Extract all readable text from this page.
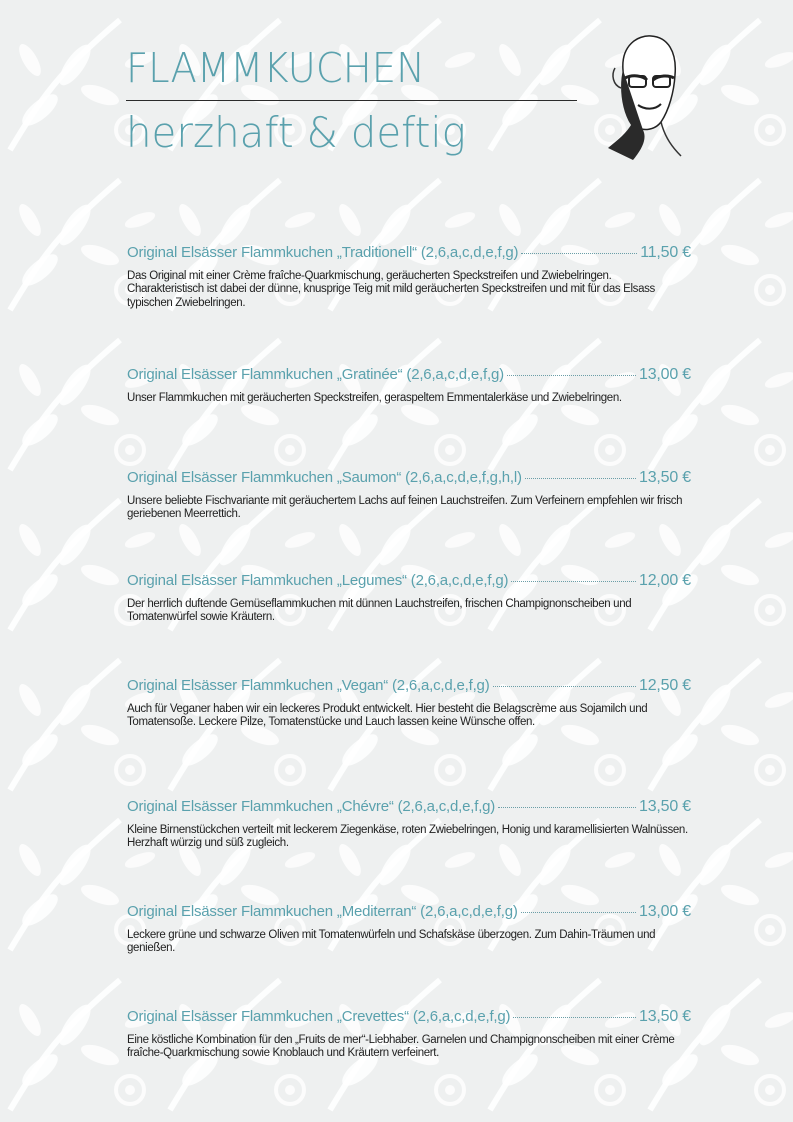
FLAMMKUCHEN
herzhaft & deftig
Original Elsässer Flammkuchen „Traditionell“ (2,6,a,c,d,e,f,g)	11,50 €
Das Original mit einer Crème fraîche-Quarkmischung, geräucherten Speckstreifen und Zwiebelringen. Charakteristisch ist dabei der dünne, knusprige Teig mit mild geräucherten Speckstreifen und mit für das Elsass typischen Zwiebelringen.
Original Elsässer Flammkuchen „Gratinée“ (2,6,a,c,d,e,f,g)	13,00 €
Unser Flammkuchen mit geräucherten Speckstreifen, geraspeltem Emmentalerkäse und Zwiebelringen.
Original Elsässer Flammkuchen „Saumon“ (2,6,a,c,d,e,f,g,h,l)	13,50 €
Unsere beliebte Fischvariante mit geräuchertem Lachs auf feinen Lauchstreifen. Zum Verfeinern empfehlen wir frisch geriebenen Meerrettich.
Original Elsässer Flammkuchen „Legumes“ (2,6,a,c,d,e,f,g)	12,00 €
Der herrlich duftende Gemüseflammkuchen mit dünnen Lauchstreifen, frischen Champignonscheiben und Tomatenwürfel sowie Kräutern.
Original Elsässer Flammkuchen „Vegan“ (2,6,a,c,d,e,f,g)	12,50 €
Auch für Veganer haben wir ein leckeres Produkt entwickelt. Hier besteht die Belagscrème aus Sojamilch und Tomatensoße. Leckere Pilze, Tomatenstücke und Lauch lassen keine Wünsche offen.
Original Elsässer Flammkuchen „Chévre“ (2,6,a,c,d,e,f,g)	13,50 €
Kleine Birnenstückchen verteilt mit leckerem Ziegenkäse, roten Zwiebelringen, Honig und karamellisierten Walnüssen. Herzhaft würzig und süß zugleich.
Original Elsässer Flammkuchen „Mediterran“ (2,6,a,c,d,e,f,g)	13,00 €
Leckere grüne und schwarze Oliven mit Tomatenwürfeln und Schafskäse überzogen. Zum Dahin-Träumen und genießen.
Original Elsässer Flammkuchen „Crevettes“ (2,6,a,c,d,e,f,g)	13,50 €
Eine köstliche Kombination für den „Fruits de mer“-Liebhaber. Garnelen und Champignonscheiben mit einer Crème fraîche-Quarkmischung sowie Knoblauch und Kräutern verfeinert.
